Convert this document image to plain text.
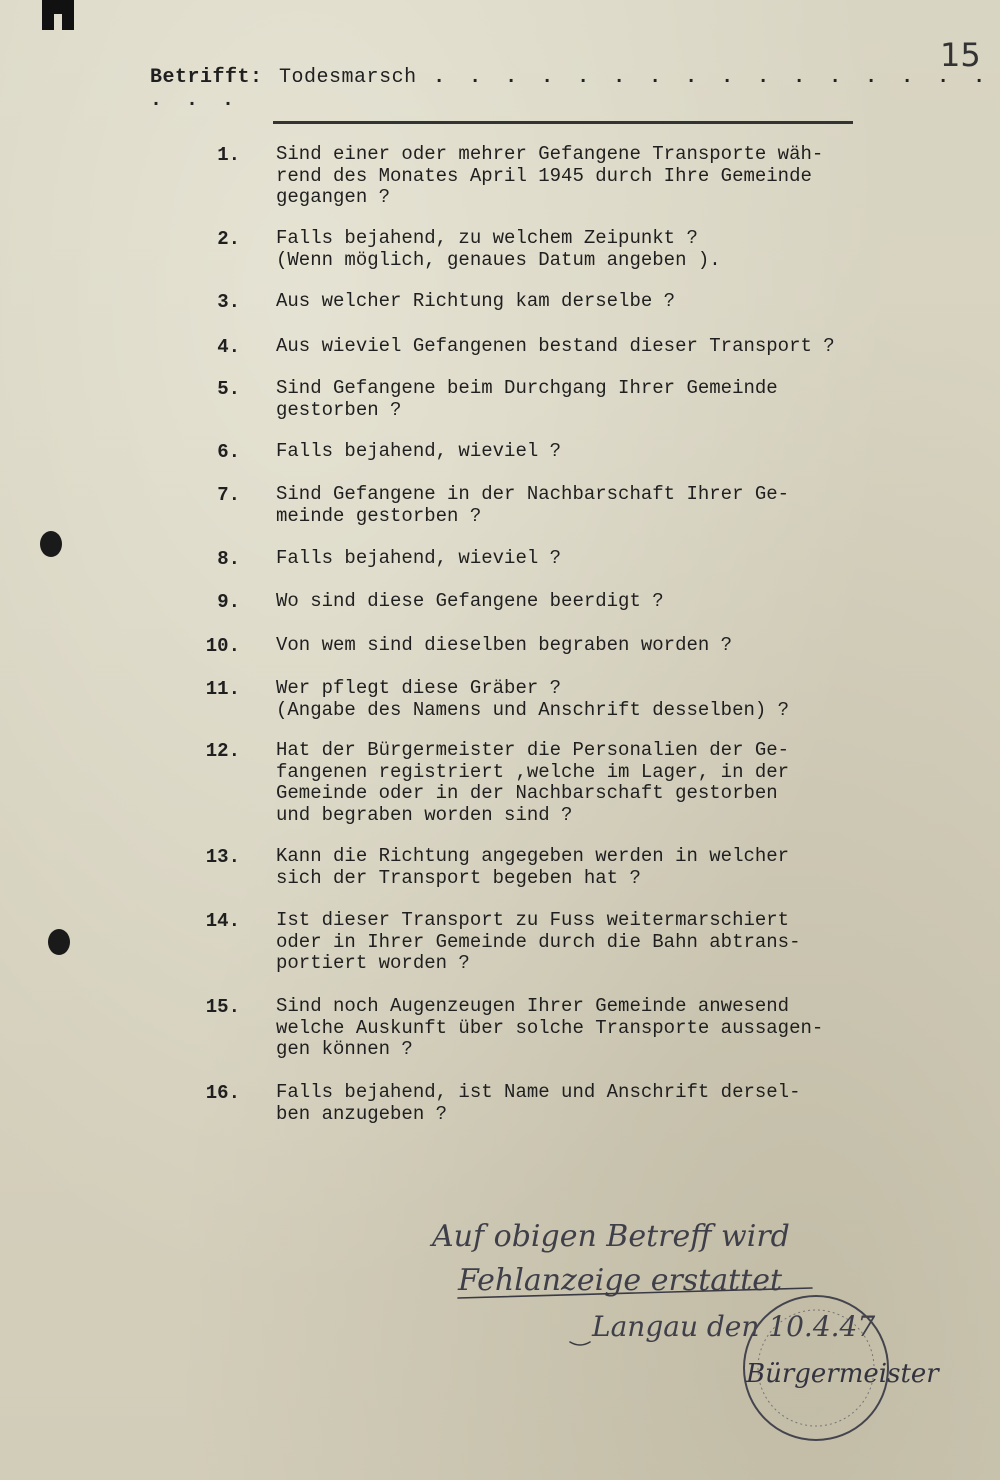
15
Betrifft: Todesmarsch . . . . . . . . . . . . . . . . . . .
1. Sind einer oder mehrer Gefangene Transporte wäh-
rend des Monates April 1945 durch Ihre Gemeinde
gegangen ?
2. Falls bejahend, zu welchem Zeipunkt ?
(Wenn möglich, genaues Datum angeben ).
3. Aus welcher Richtung kam derselbe ?
4. Aus wieviel Gefangenen bestand dieser Transport ?
5. Sind Gefangene beim Durchgang Ihrer Gemeinde
gestorben ?
6. Falls bejahend, wieviel ?
7. Sind Gefangene in der Nachbarschaft Ihrer Ge-
meinde gestorben ?
8. Falls bejahend, wieviel ?
9. Wo sind diese Gefangene beerdigt ?
10. Von wem sind dieselben begraben worden ?
11. Wer pflegt diese Gräber ?
(Angabe des Namens und Anschrift desselben) ?
12. Hat der Bürgermeister die Personalien der Ge-
fangenen registriert ,welche im Lager, in der
Gemeinde oder in der Nachbarschaft gestorben
und begraben worden sind ?
13. Kann die Richtung angegeben werden in welcher
sich der Transport begeben hat ?
14. Ist dieser Transport zu Fuss weitermarschiert
oder in Ihrer Gemeinde durch die Bahn abtrans-
portiert worden ?
15. Sind noch Augenzeugen Ihrer Gemeinde anwesend
welche Auskunft über solche Transporte aussagen-
gen können ?
16. Falls bejahend, ist Name und Anschrift dersel-
ben anzugeben ?
Auf obigen Betreff wird
Fehlanzeige erstattet
Langau den 10.4.47
Bürgermeister
